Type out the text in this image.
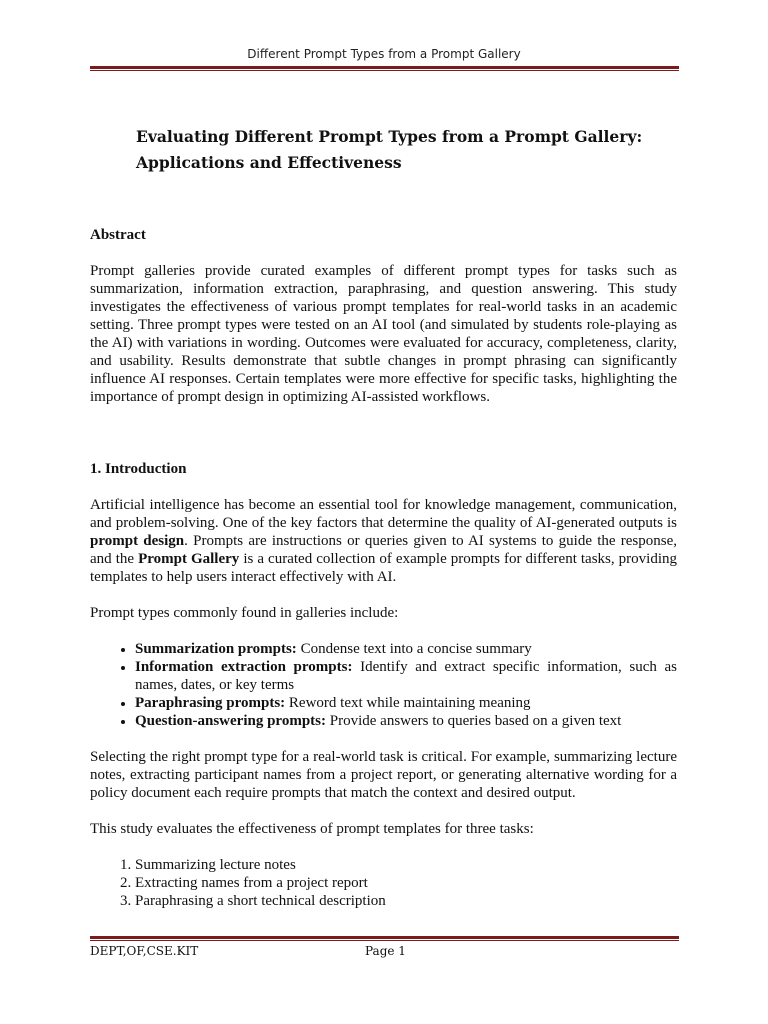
Different Prompt Types from a Prompt Gallery
Evaluating Different Prompt Types from a Prompt Gallery:
Applications and Effectiveness

Abstract

Prompt galleries provide curated examples of different prompt types for tasks such as summarization, information extraction, paraphrasing, and question answering. This study investigates the effectiveness of various prompt templates for real-world tasks in an academic setting. Three prompt types were tested on an AI tool (and simulated by students role-playing as the AI) with variations in wording. Outcomes were evaluated for accuracy, completeness, clarity, and usability. Results demonstrate that subtle changes in prompt phrasing can significantly influence AI responses. Certain templates were more effective for specific tasks, highlighting the importance of prompt design in optimizing AI-assisted workflows.

1. Introduction

Artificial intelligence has become an essential tool for knowledge management, communication, and problem-solving. One of the key factors that determine the quality of AI-generated outputs is prompt design. Prompts are instructions or queries given to AI systems to guide the response, and the Prompt Gallery is a curated collection of example prompts for different tasks, providing templates to help users interact effectively with AI.

Prompt types commonly found in galleries include:

• Summarization prompts: Condense text into a concise summary
• Information extraction prompts: Identify and extract specific information, such as names, dates, or key terms
• Paraphrasing prompts: Reword text while maintaining meaning
• Question-answering prompts: Provide answers to queries based on a given text

Selecting the right prompt type for a real-world task is critical. For example, summarizing lecture notes, extracting participant names from a project report, or generating alternative wording for a policy document each require prompts that match the context and desired output.

This study evaluates the effectiveness of prompt templates for three tasks:

1. Summarizing lecture notes
2. Extracting names from a project report
3. Paraphrasing a short technical description
DEPT,OF,CSE.KIT	Page 1
